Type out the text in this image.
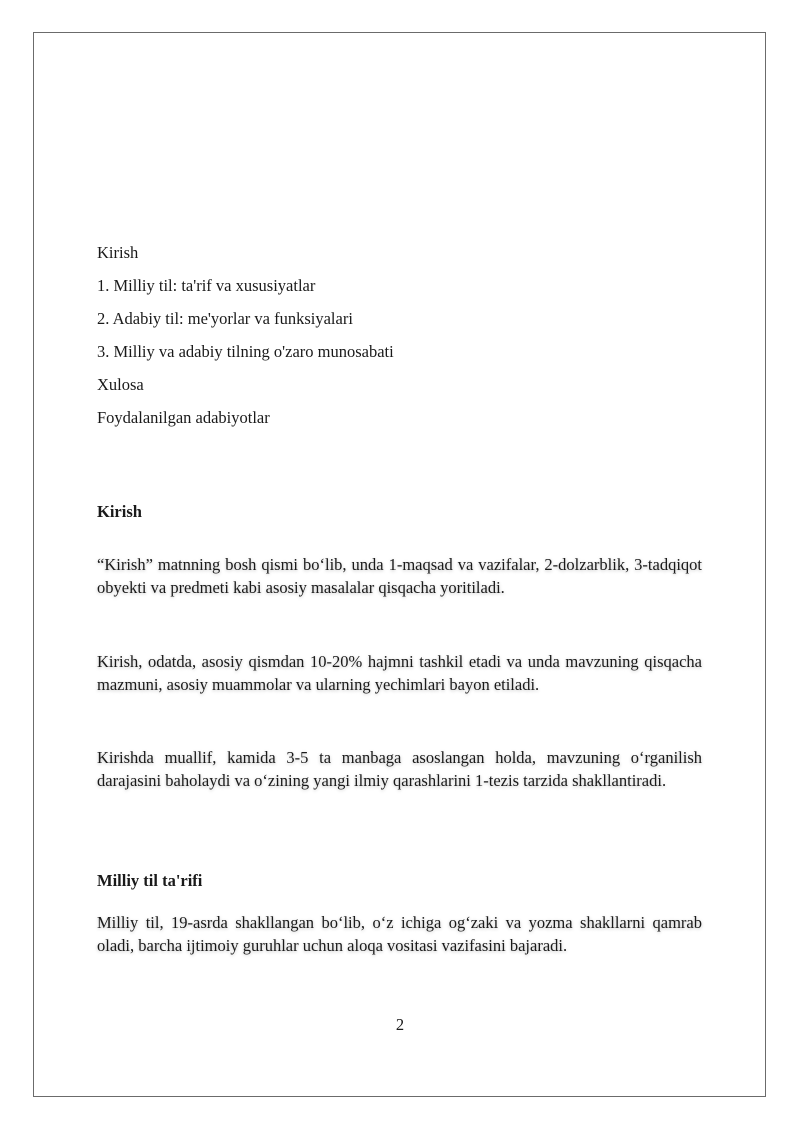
Kirish
1. Milliy til: ta'rif va xususiyatlar
2. Adabiy til: me'yorlar va funksiyalari
3. Milliy va adabiy tilning o'zaro munosabati
Xulosa
Foydalanilgan adabiyotlar
Kirish
“Kirish” matnning bosh qismi bo‘lib, unda 1-maqsad va vazifalar, 2-dolzarblik, 3-tadqiqot obyekti va predmeti kabi asosiy masalalar qisqacha yoritiladi.
Kirish, odatda, asosiy qismdan 10-20% hajmni tashkil etadi va unda mavzuning qisqacha mazmuni, asosiy muammolar va ularning yechimlari bayon etiladi.
Kirishda muallif, kamida 3-5 ta manbaga asoslangan holda, mavzuning o‘rganilish darajasini baholaydi va o‘zining yangi ilmiy qarashlarini 1-tezis tarzida shakllantiradi.
Milliy til ta'rifi
Milliy til, 19-asrda shakllangan bo‘lib, o‘z ichiga og‘zaki va yozma shakllarni qamrab oladi, barcha ijtimoiy guruhlar uchun aloqa vositasi vazifasini bajaradi.
2
